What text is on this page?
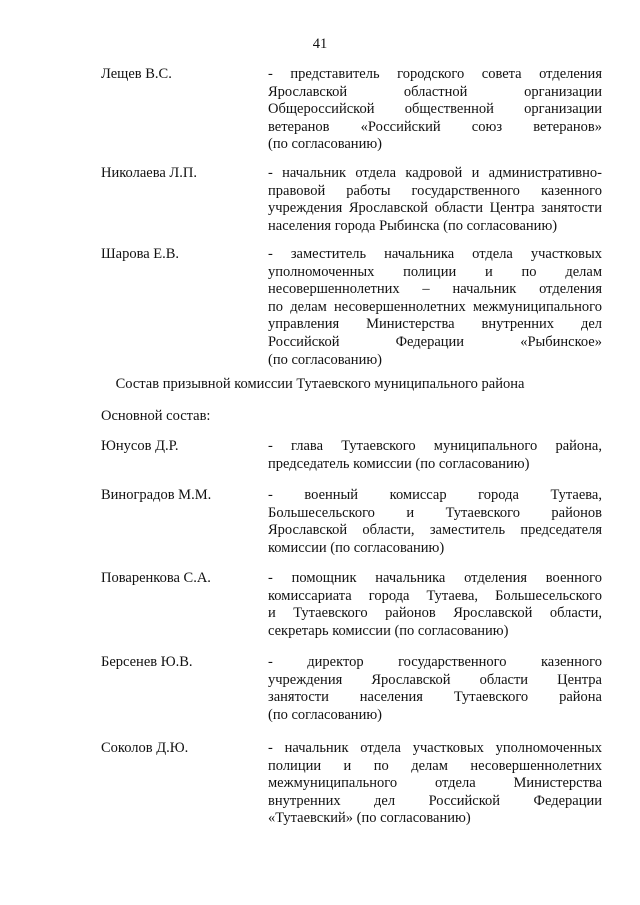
41
Лещев В.С.	- представитель городского совета отделения
Ярославской областной организации
Общероссийской общественной организации
ветеранов «Российский союз ветеранов»
(по согласованию)
Николаева Л.П.	- начальник отдела кадровой и административно-
правовой работы государственного казенного
учреждения Ярославской области Центра занятости
населения города Рыбинска (по согласованию)
Шарова Е.В.	- заместитель начальника отдела участковых
уполномоченных полиции и по делам
несовершеннолетних – начальник отделения
по делам несовершеннолетних межмуниципального
управления Министерства внутренних дел
Российской Федерации «Рыбинское»
(по согласованию)
Состав призывной комиссии Тутаевского муниципального района
Основной состав:
Юнусов Д.Р.	- глава Тутаевского муниципального района,
председатель комиссии (по согласованию)
Виноградов М.М.	- военный комиссар города Тутаева,
Большесельского и Тутаевского районов
Ярославской области, заместитель председателя
комиссии (по согласованию)
Поваренкова С.А.	- помощник начальника отделения военного
комиссариата города Тутаева, Большесельского
и Тутаевского районов Ярославской области,
секретарь комиссии (по согласованию)
Берсенев Ю.В.	- директор государственного казенного
учреждения Ярославской области Центра
занятости населения Тутаевского района
(по согласованию)
Соколов Д.Ю.	- начальник отдела участковых уполномоченных
полиции и по делам несовершеннолетних
межмуниципального отдела Министерства
внутренних дел Российской Федерации
«Тутаевский» (по согласованию)
